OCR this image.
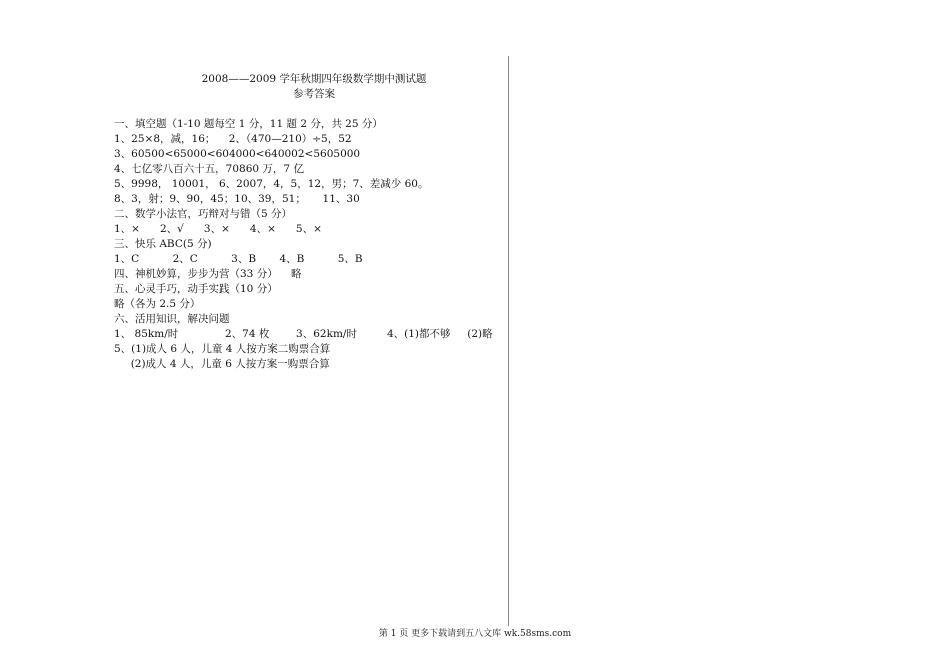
2008——2009 学年秋期四年级数学期中测试题
参考答案
一、填空题（1-10 题每空 1 分，11 题 2 分，共 25 分）
1、25×8，减，16；    2、（470—210）÷5，52
3、60500<65000<604000<640002<5605000
4、七亿零八百六十五，70860 万，7 亿
5、9998， 10001， 6、2007，4，5，12，男；7、差减少 60。
8、3，射；9、90，45；10、39，51；     11、30
二、数学小法官，巧辩对与错（5 分）
1、×      2、√      3、×      4、×      5、×
三、快乐 ABC(5 分)
1、C          2、C          3、B       4、B          5、B
四、神机妙算，步步为营（33 分）    略
五、心灵手巧，动手实践（10 分）
略（各为 2.5 分）
六、活用知识，解决问题
1、 85km/时              2、74 枚        3、62km/时         4、(1)都不够     (2)略
5、(1)成人 6 人，儿童 4 人按方案二购票合算
(2)成人 4 人，儿童 6 人按方案一购票合算
第 1 页 更多下载请到五八文库 wk.58sms.com
